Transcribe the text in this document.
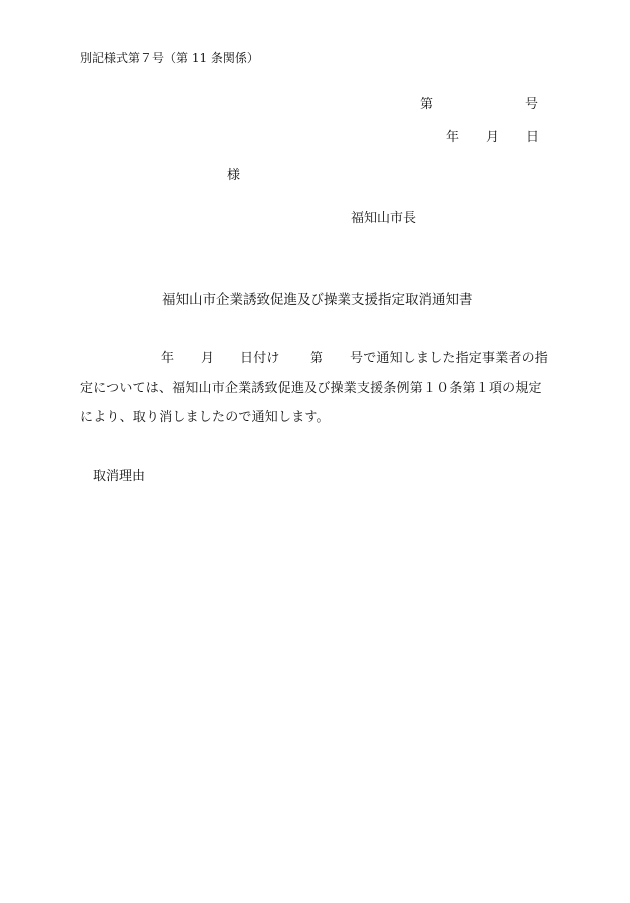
別記様式第７号（第 11 条関係）
第	号
年 月 日
様
福知山市長
福知山市企業誘致促進及び操業支援指定取消通知書
年 月 日付け 第 号で通知しました指定事業者の指
定については、福知山市企業誘致促進及び操業支援条例第１０条第１項の規定
により、取り消しましたので通知します。
取消理由
